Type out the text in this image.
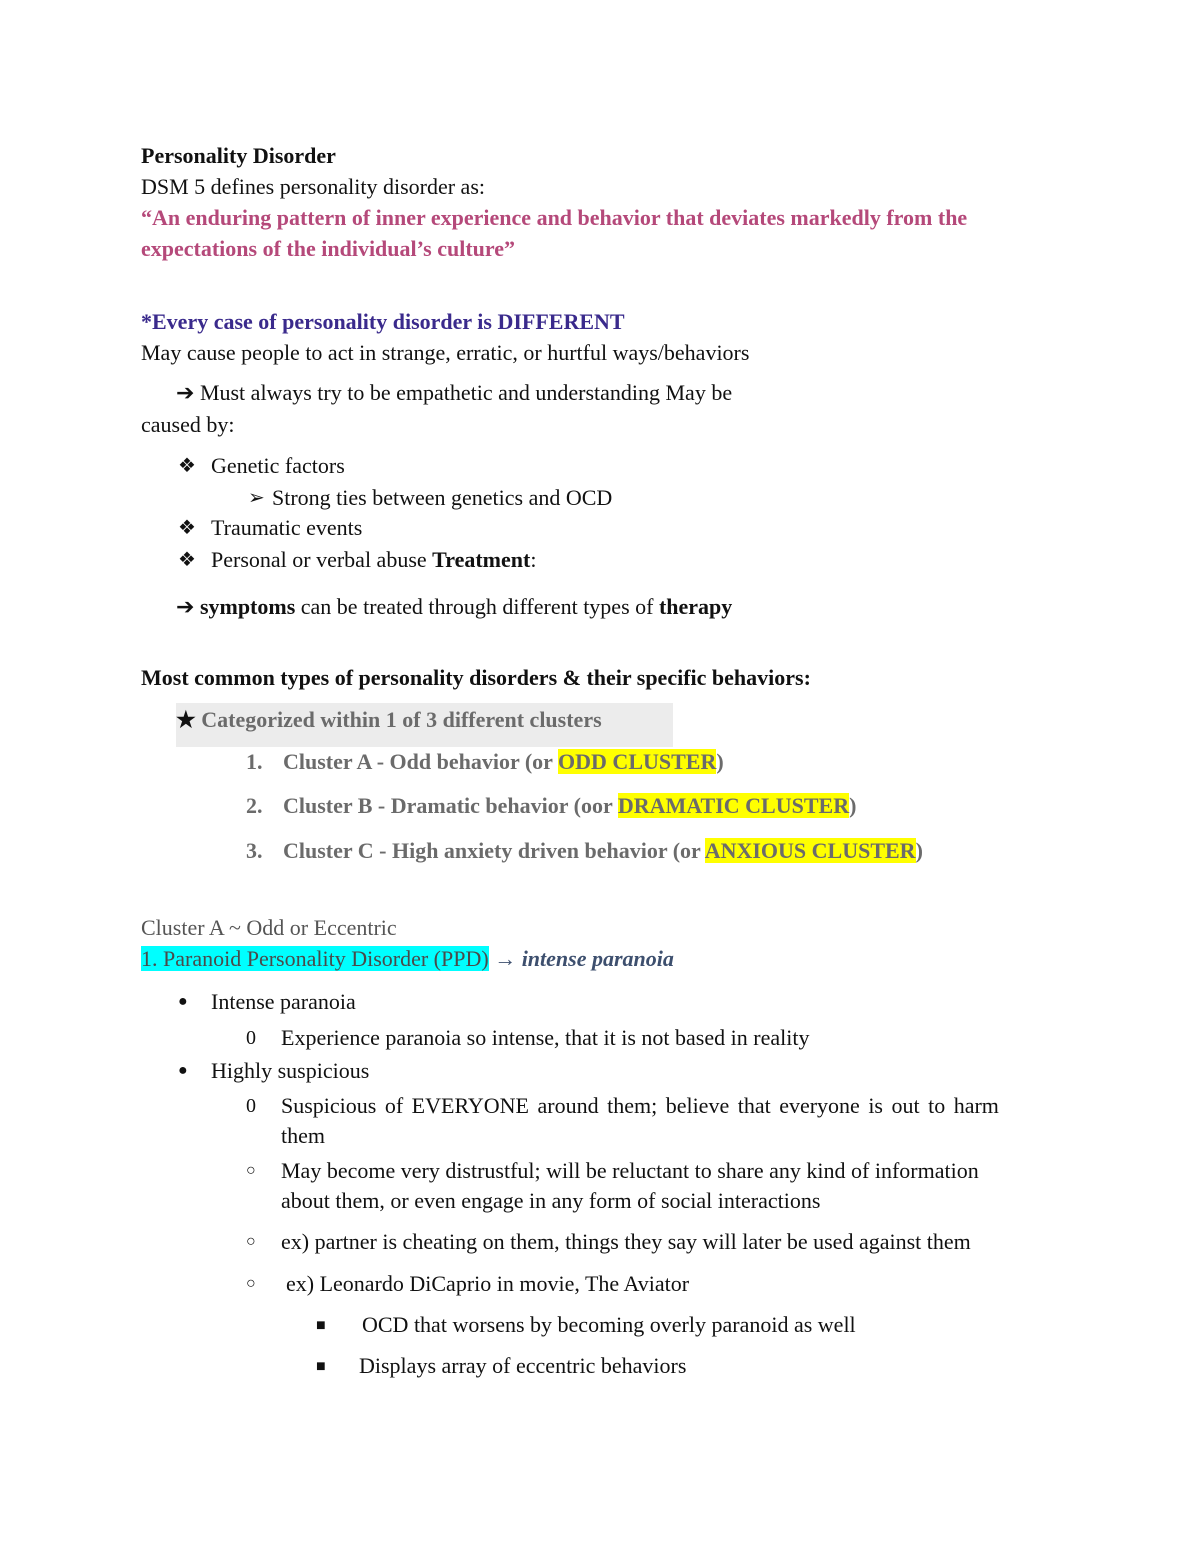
Personality Disorder
DSM 5 defines personality disorder as:
“An enduring pattern of inner experience and behavior that deviates markedly from the
expectations of the individual’s culture”
*Every case of personality disorder is DIFFERENT
May cause people to act in strange, erratic, or hurtful ways/behaviors
➔ Must always try to be empathetic and understanding May be
caused by:
❖ Genetic factors
➢ Strong ties between genetics and OCD
❖ Traumatic events
❖ Personal or verbal abuse Treatment:
➔ symptoms can be treated through different types of therapy
Most common types of personality disorders & their specific behaviors:
★ Categorized within 1 of 3 different clusters
1. Cluster A - Odd behavior (or ODD CLUSTER)
2. Cluster B - Dramatic behavior (oor DRAMATIC CLUSTER)
3. Cluster C - High anxiety driven behavior (or ANXIOUS CLUSTER)
Cluster A ~ Odd or Eccentric
1. Paranoid Personality Disorder (PPD) → intense paranoia
● Intense paranoia
0 Experience paranoia so intense, that it is not based in reality
● Highly suspicious
0 Suspicious of EVERYONE around them; believe that everyone is out to harm
them
○ May become very distrustful; will be reluctant to share any kind of information
about them, or even engage in any form of social interactions
○ ex) partner is cheating on them, things they say will later be used against them
○ ex) Leonardo DiCaprio in movie, The Aviator
■ OCD that worsens by becoming overly paranoid as well
■ Displays array of eccentric behaviors
